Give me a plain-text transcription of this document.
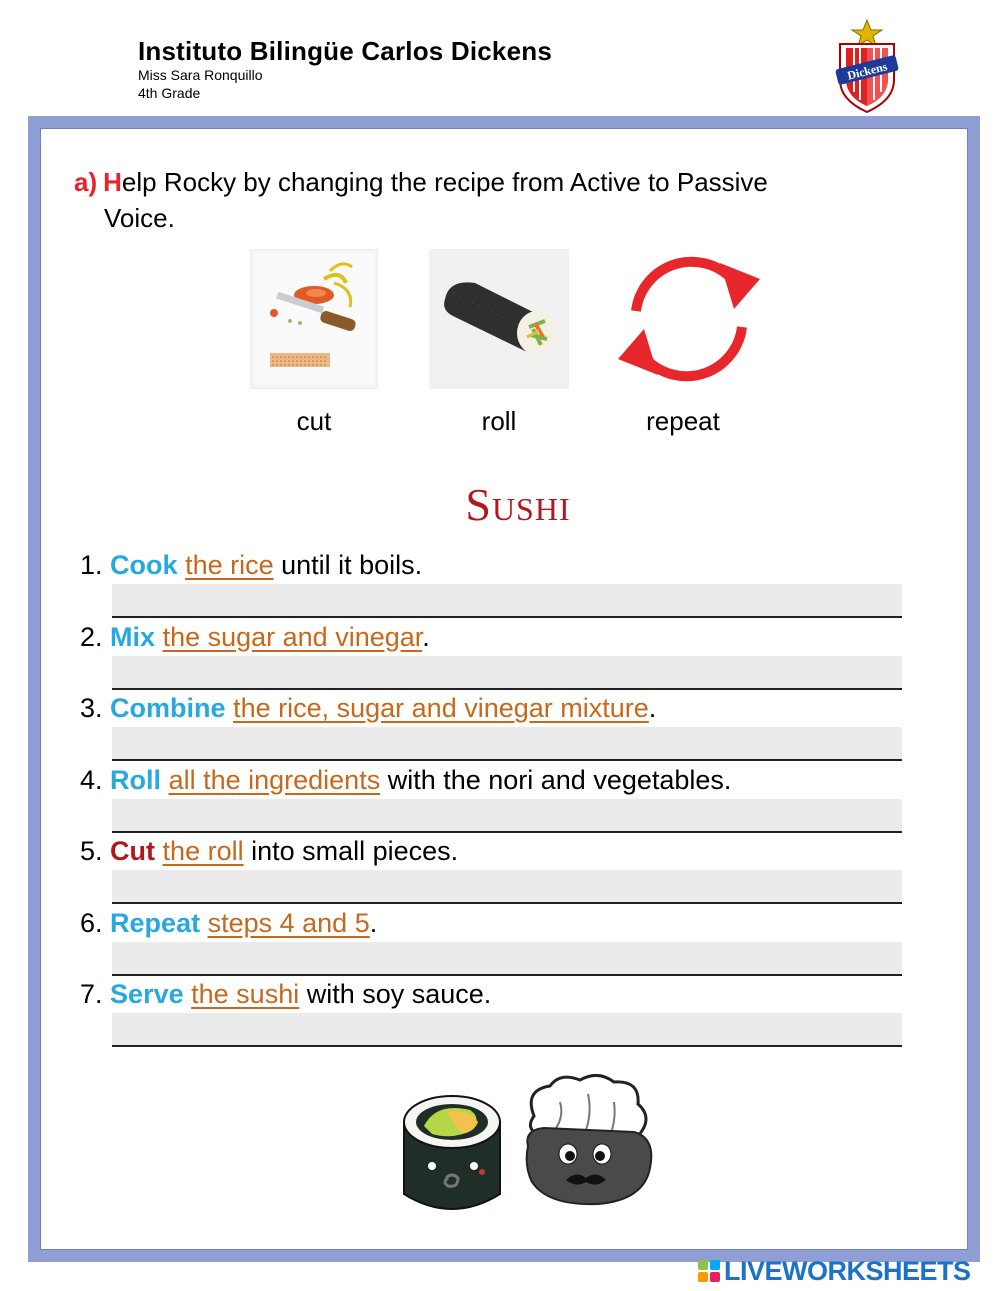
Instituto Bilingüe Carlos Dickens
Miss Sara Ronquillo
4th Grade
Dickens
a) Help Rocky by changing the recipe from Active to Passive
Voice.
cut	roll	repeat
Sushi
1. Cook the rice until it boils.
2. Mix the sugar and vinegar.
3. Combine the rice, sugar and vinegar mixture.
4. Roll all the ingredients with the nori and vegetables.
5. Cut the roll into small pieces.
6. Repeat steps 4 and 5.
7. Serve the sushi with soy sauce.
LIVEWORKSHEETS
